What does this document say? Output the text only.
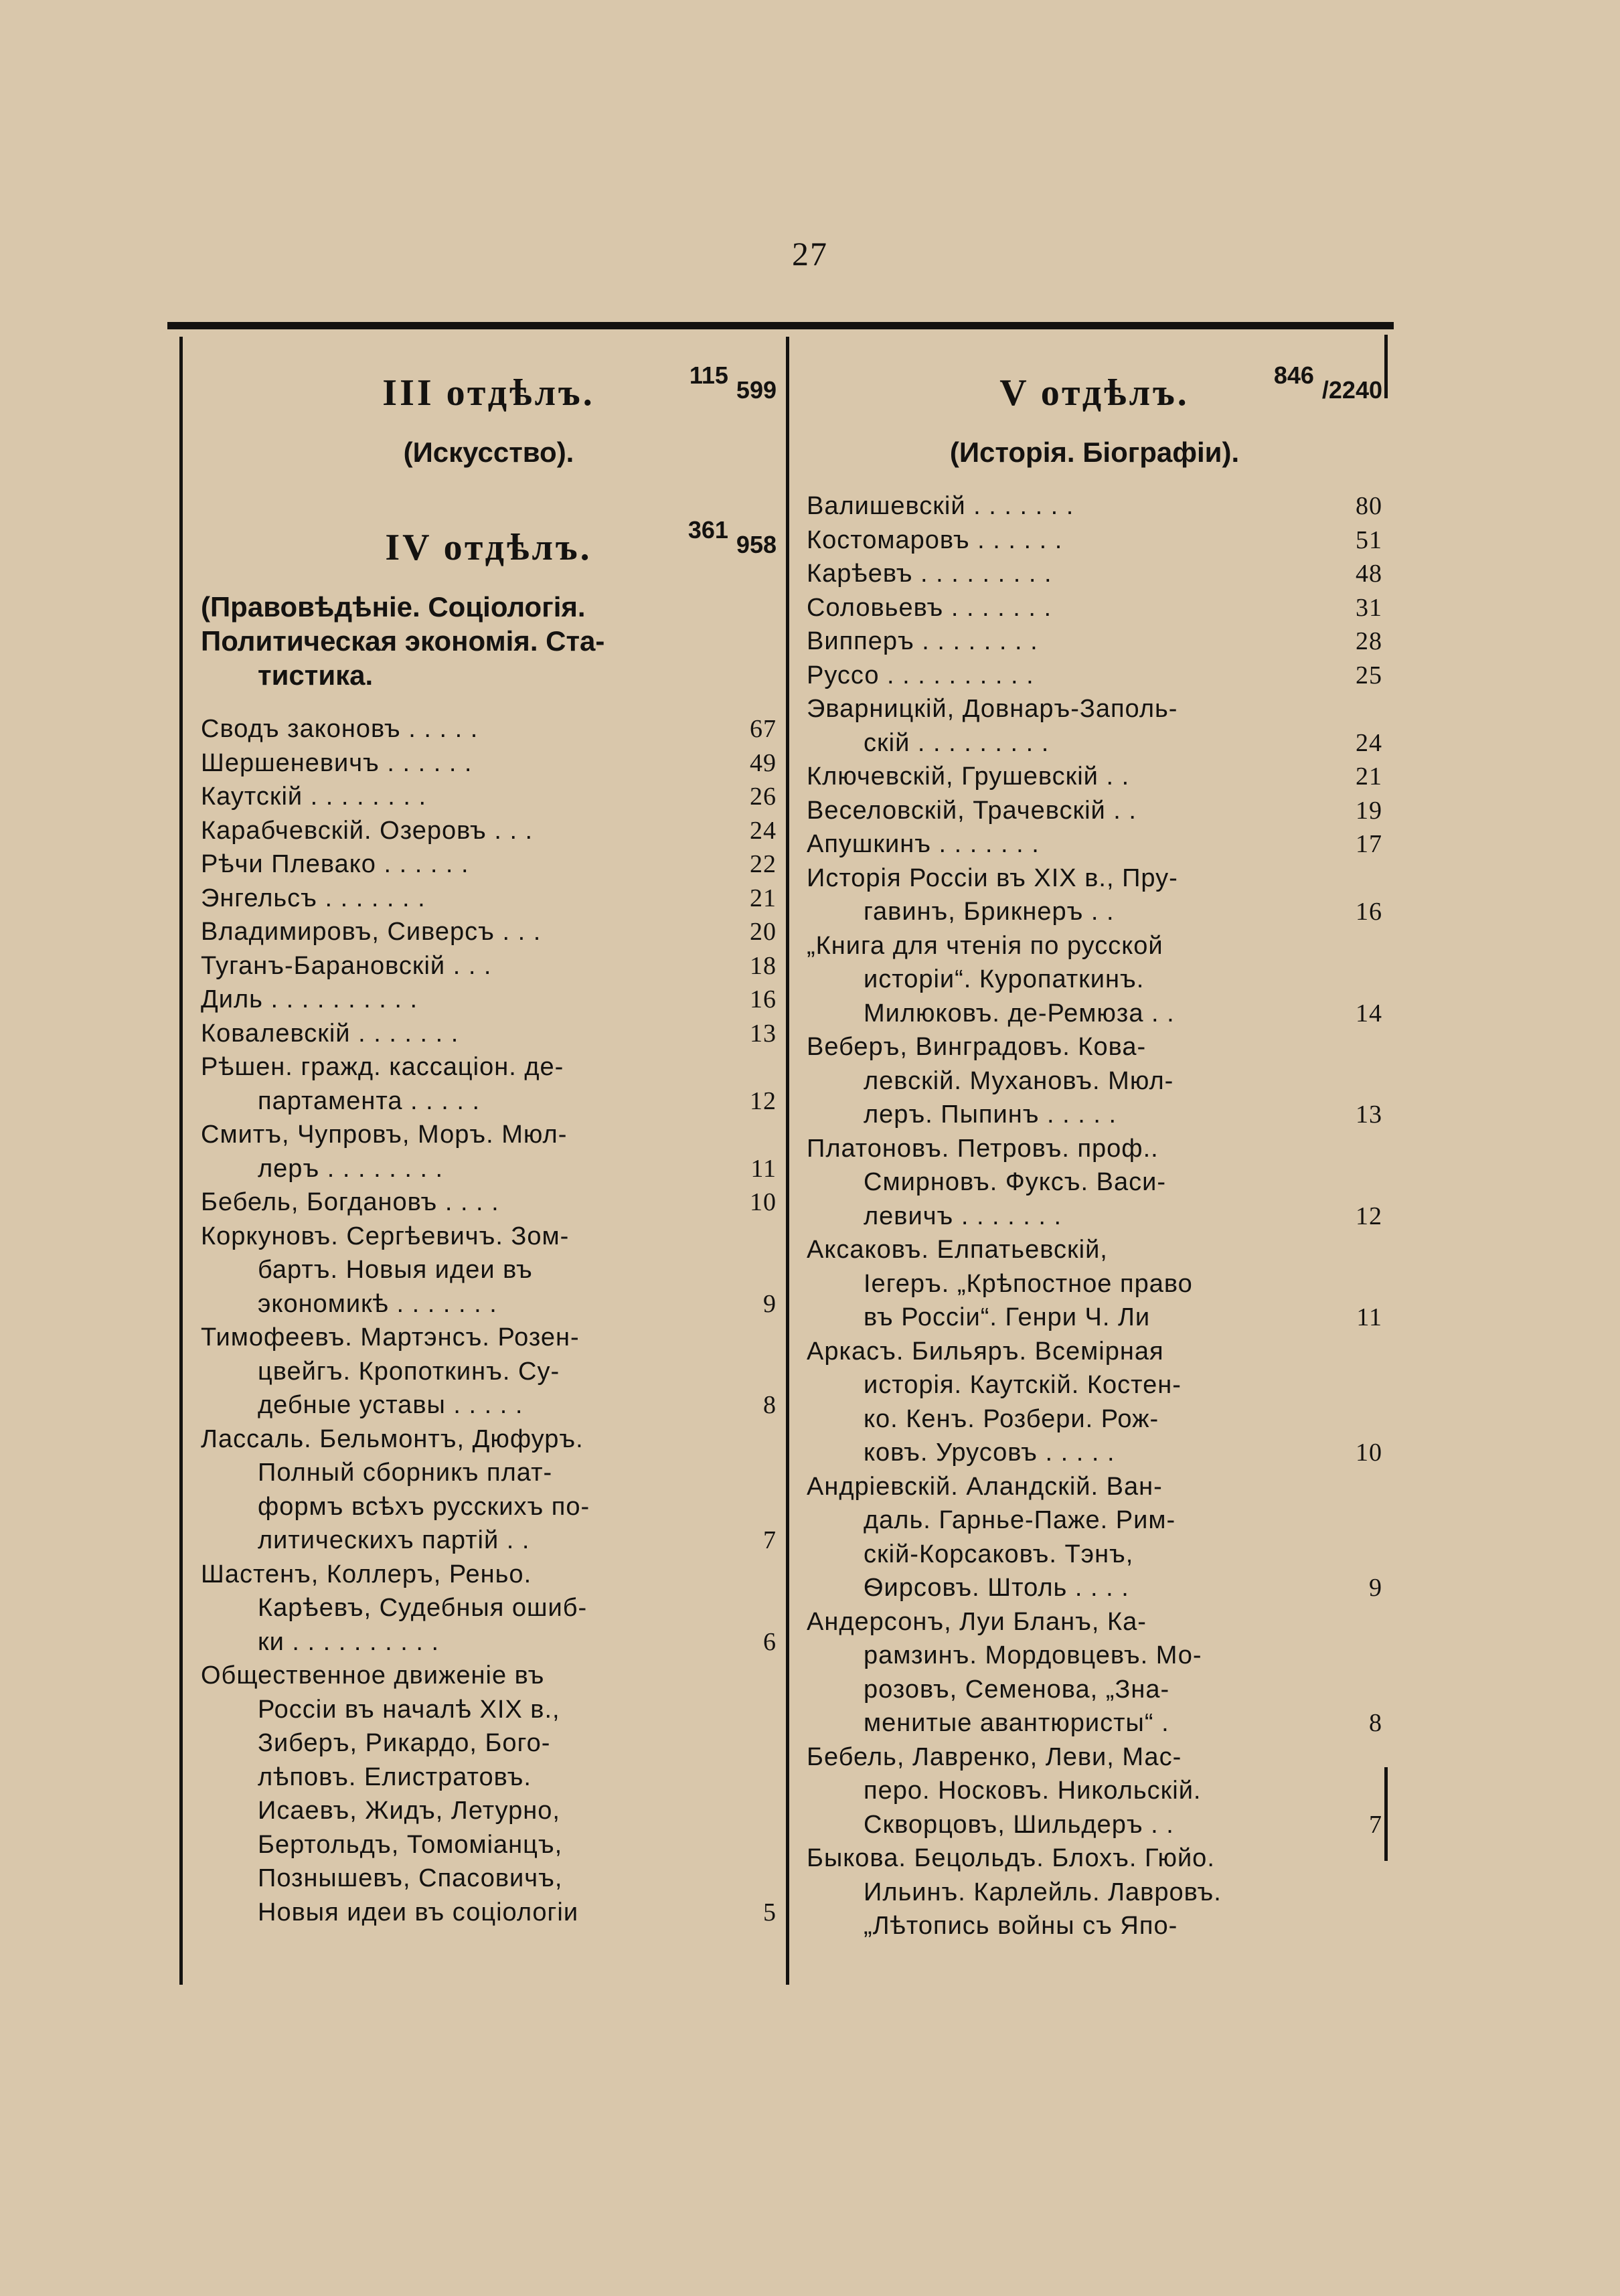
27
III отдѣлъ.	115599
(Искусство).
IV отдѣлъ.	361958
(Правовѣдѣніе. Соціологія.
Политическая экономія. Ста-
тистика.
Сводъ законовъ . . . . .	67
Шершеневичъ . . . . . .	49
Каутскій . . . . . . . .	26
Карабчевскій. Озеровъ . . .	24
Рѣчи Плевако . . . . . .	22
Энгельсъ . . . . . . .	21
Владимировъ, Сиверсъ . . .	20
Туганъ-Барановскій . . .	18
Диль . . . . . . . . . .	16
Ковалевскій . . . . . . .	13
Рѣшен. гражд. кассаціон. де-
партамента . . . . .	12
Смитъ, Чупровъ, Моръ. Мюл-
леръ . . . . . . . .	11
Бебель, Богдановъ . . . .	10
Коркуновъ. Сергѣевичъ. Зом-
бартъ. Новыя идеи въ
экономикѣ . . . . . . .	9
Тимофеевъ. Мартэнсъ. Розен-
цвейгъ. Кропоткинъ. Су-
дебные уставы . . . . .	8
Лассаль. Бельмонтъ, Дюфуръ.
Полный сборникъ плат-
формъ всѣхъ русскихъ по-
литическихъ партій . .	7
Шастенъ, Коллеръ, Реньо.
Карѣевъ, Судебныя ошиб-
ки . . . . . . . . . .	6
Общественное движеніе въ
Россіи въ началѣ XIX в.,
Зиберъ, Рикардо, Бого-
лѣповъ. Елистратовъ.
Исаевъ, Жидъ, Летурно,
Бертольдъ, Томоміанцъ,
Познышевъ, Спасовичъ,
Новыя идеи въ соціологіи	5
V отдѣлъ.	846/2240
(Исторія. Біографіи).
Валишевскій . . . . . . .	80
Костомаровъ . . . . . .	51
Карѣевъ . . . . . . . . .	48
Соловьевъ . . . . . . .	31
Випперъ . . . . . . . .	28
Руссо . . . . . . . . . .	25
Эварницкій, Довнаръ-Заполь-
скій . . . . . . . . .	24
Ключевскій, Грушевскій . .	21
Веселовскій, Трачевскій . .	19
Апушкинъ . . . . . . .	17
Исторія Россіи въ XIX в., Пру-
гавинъ, Брикнеръ . .	16
„Книга для чтенія по русской
исторіи“. Куропаткинъ.
Милюковъ. де-Ремюза . .	14
Веберъ, Винградовъ. Кова-
левскій. Мухановъ. Мюл-
леръ. Пыпинъ . . . . .	13
Платоновъ. Петровъ. проф..
Смирновъ. Фуксъ. Васи-
левичъ . . . . . . .	12
Аксаковъ. Елпатьевскій,
Іегеръ. „Крѣпостное право
въ Россіи“. Генри Ч. Ли	11
Аркасъ. Бильяръ. Всемірная
исторія. Каутскій. Костен-
ко. Кенъ. Розбери. Рож-
ковъ. Урусовъ . . . . .	10
Андріевскій. Аландскій. Ван-
даль. Гарнье-Паже. Рим-
скій-Корсаковъ. Тэнъ,
Ѳирсовъ. Штоль . . . .	9
Андерсонъ, Луи Бланъ, Ка-
рамзинъ. Мордовцевъ. Мо-
розовъ, Семенова, „Зна-
менитые авантюристы“ .	8
Бебель, Лавренко, Леви, Мас-
перо. Носковъ. Никольскій.
Скворцовъ, Шильдеръ . .	7
Быкова. Бецольдъ. Блохъ. Гюйо.
Ильинъ. Карлейль. Лавровъ.
„Лѣтопись войны съ Япо-
